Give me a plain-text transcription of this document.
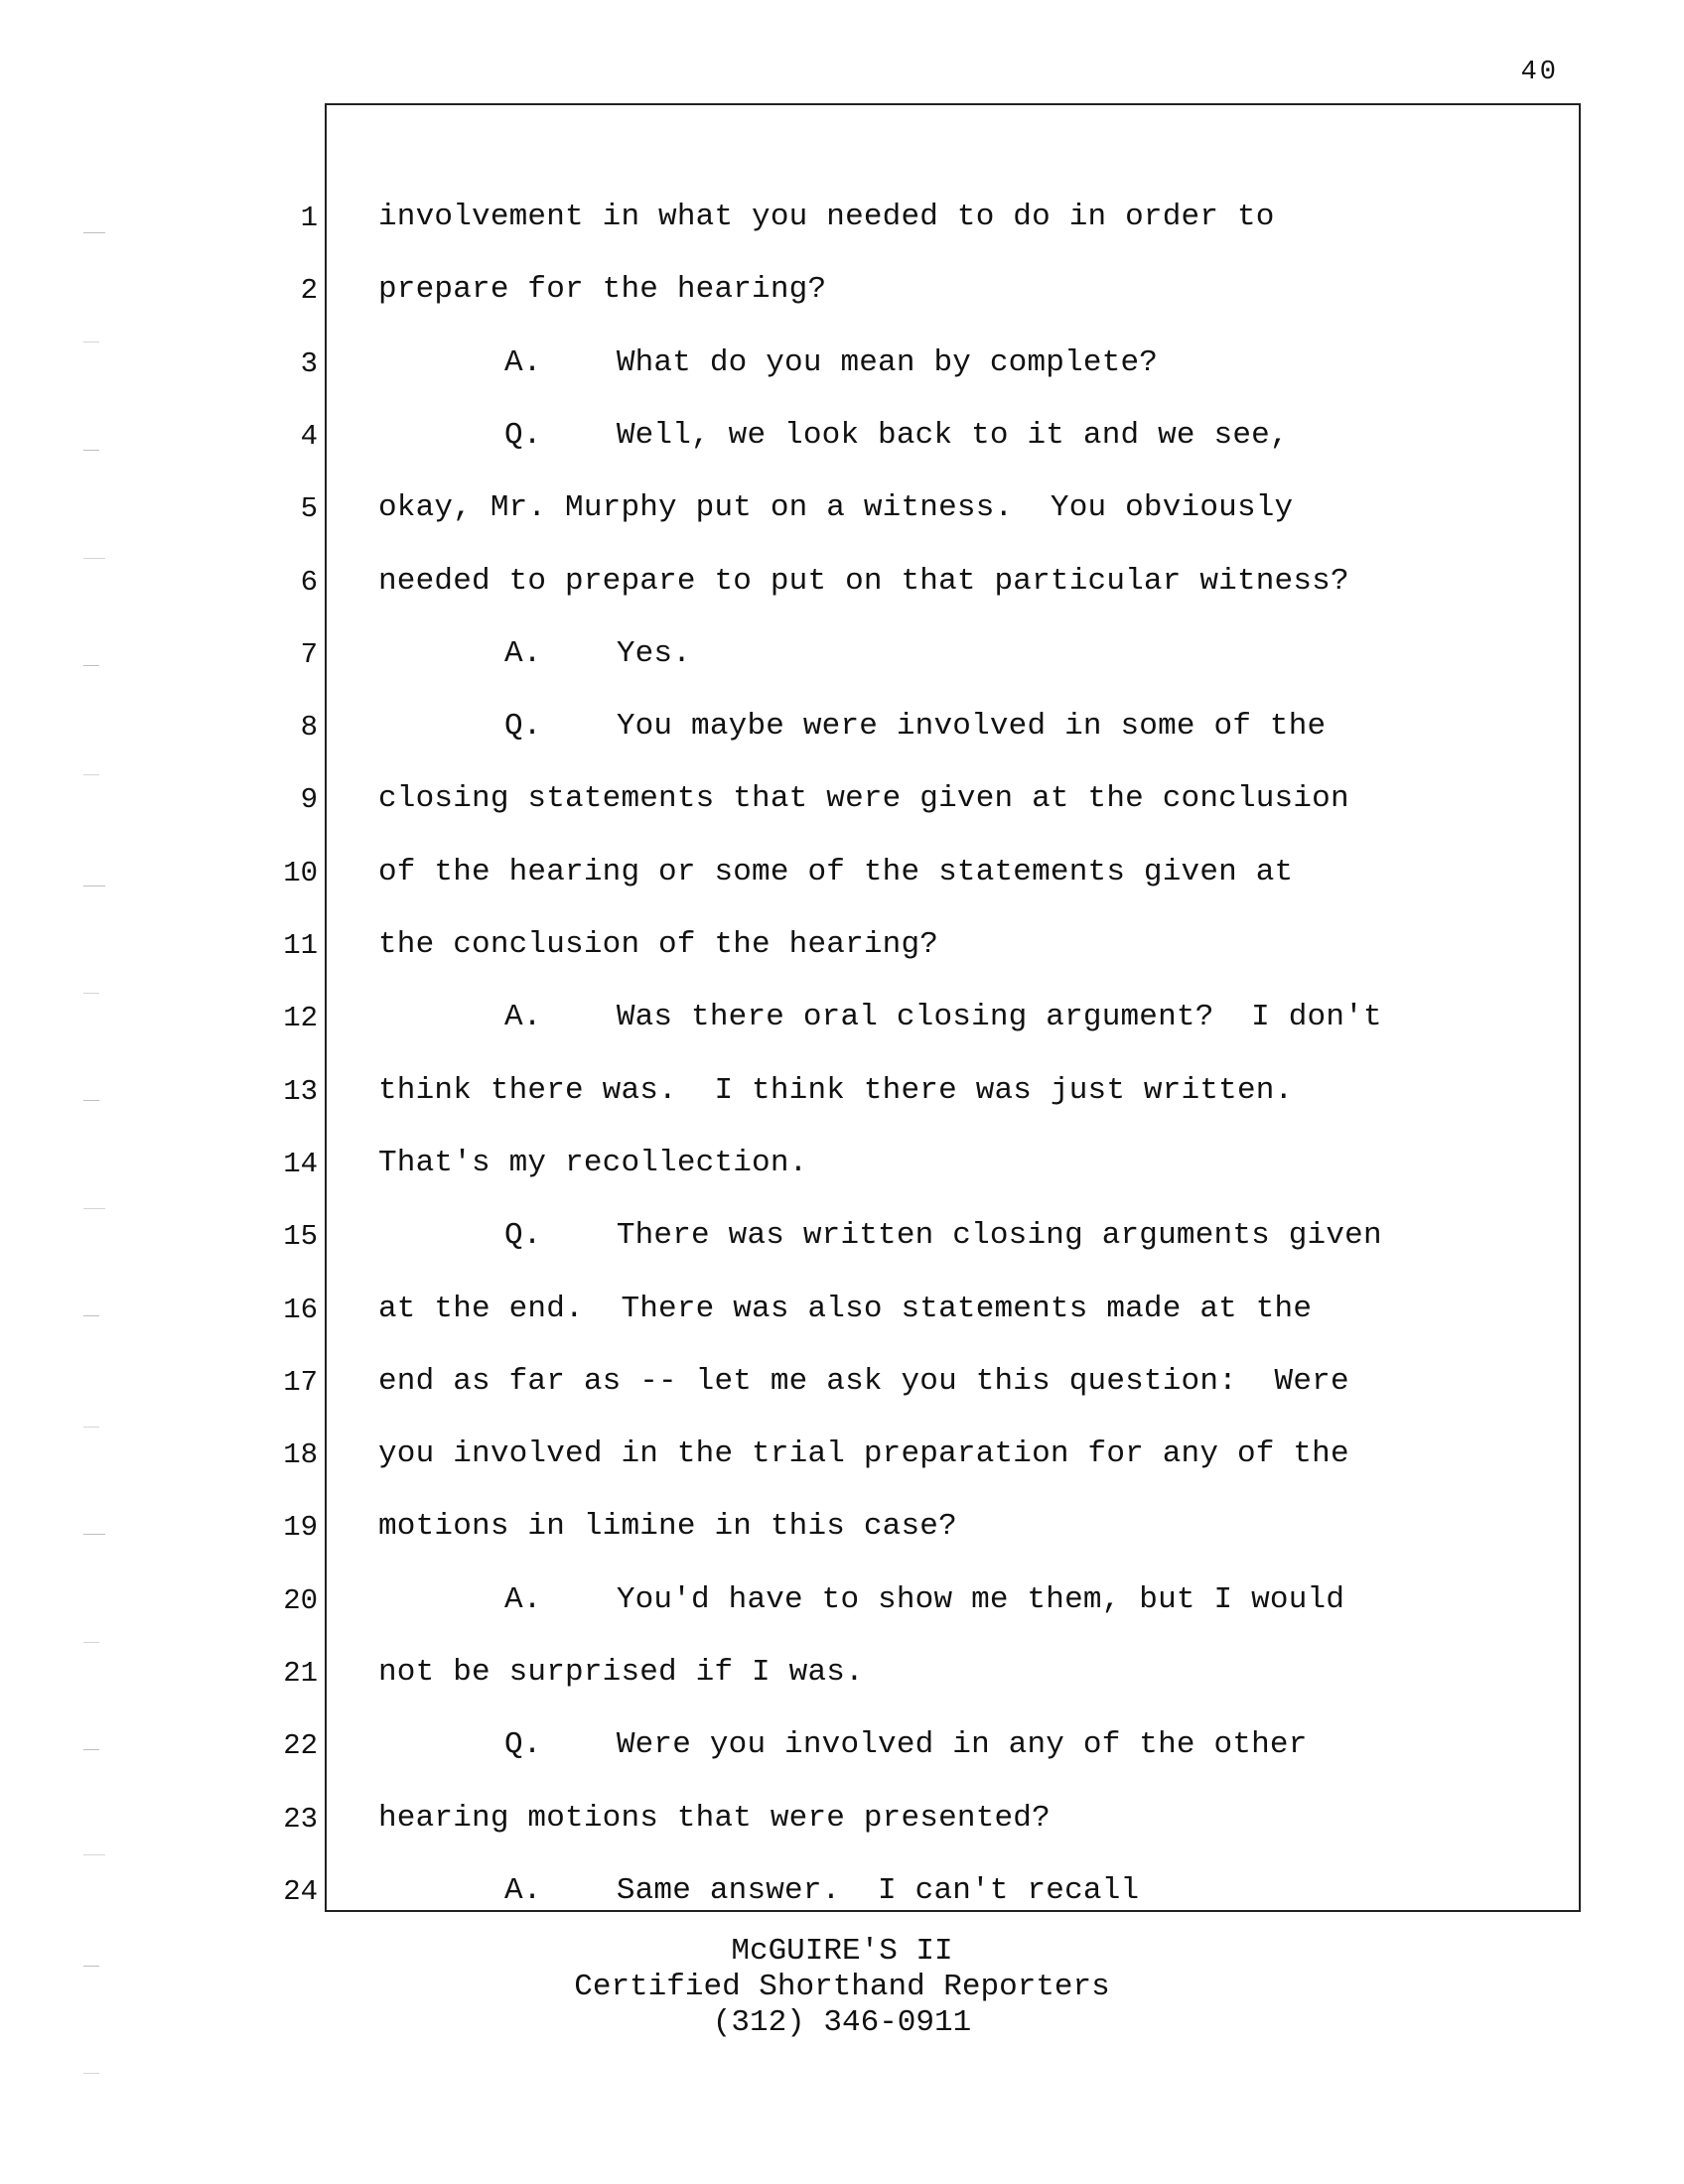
40
1 involvement in what you needed to do in order to
2 prepare for the hearing?
3	A.    What do you mean by complete?
4	Q.    Well, we look back to it and we see,
5 okay, Mr. Murphy put on a witness.  You obviously
6 needed to prepare to put on that particular witness?
7	A.    Yes.
8	Q.    You maybe were involved in some of the
9 closing statements that were given at the conclusion
10 of the hearing or some of the statements given at
11 the conclusion of the hearing?
12	A.    Was there oral closing argument?  I don't
13 think there was.  I think there was just written.
14 That's my recollection.
15	Q.    There was written closing arguments given
16 at the end.  There was also statements made at the
17 end as far as -- let me ask you this question:  Were
18 you involved in the trial preparation for any of the
19 motions in limine in this case?
20	A.    You'd have to show me them, but I would
21 not be surprised if I was.
22	Q.    Were you involved in any of the other
23 hearing motions that were presented?
24	A.    Same answer.  I can't recall
McGUIRE'S II
Certified Shorthand Reporters
(312) 346-0911
